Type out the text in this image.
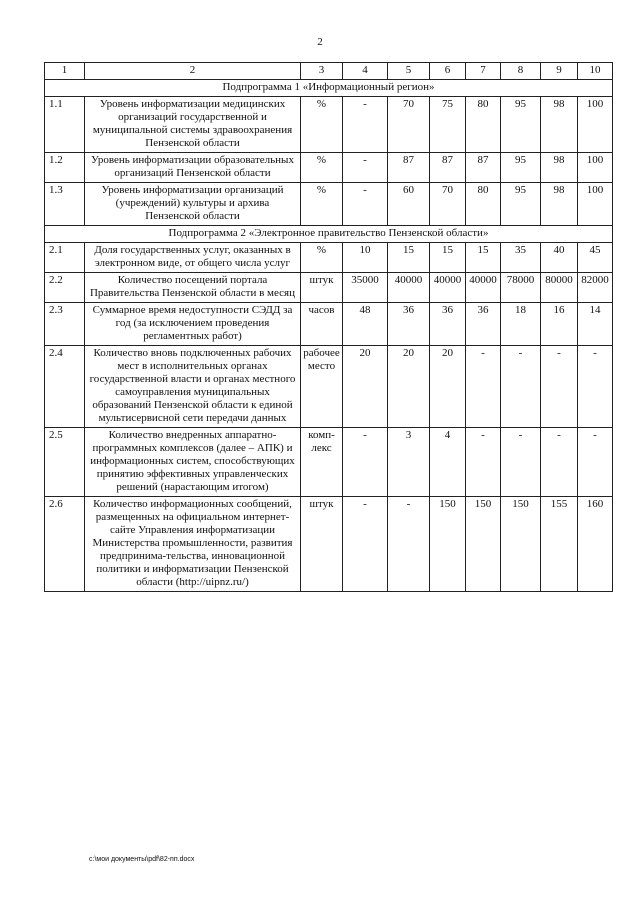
2
1	2	3	4	5	6	7	8	9	10
Подпрограмма 1 «Информационный регион»									
1.1	Уровень информатизации медицинских организаций государственной и муниципальной системы здравоохранения Пензенской области	%	-	70	75	80	95	98	100
1.2	Уровень информатизации образовательных организаций Пензенской области	%	-	87	87	87	95	98	100
1.3	Уровень информатизации организаций (учреждений) культуры и архива Пензенской области	%	-	60	70	80	95	98	100
Подпрограмма 2 «Электронное правительство Пензенской области»									
2.1	Доля государственных услуг, оказанных в электронном виде, от общего числа услуг	%	10	15	15	15	35	40	45
2.2	Количество посещений портала Правительства Пензенской области в месяц	штук	35000	40000	40000	40000	78000	80000	82000
2.3	Суммарное время недоступности СЭДД за год (за исключением проведения регламентных работ)	часов	48	36	36	36	18	16	14
2.4	Количество вновь подключенных рабочих мест в исполнительных органах государственной власти и органах местного самоуправления муниципальных образований Пензенской области к единой мультисервисной сети передачи данных	рабочее место	20	20	20	-	-	-	-
2.5	Количество внедренных аппаратно-программных комплексов (далее – АПК) и информационных систем, способствующих принятию эффективных управленческих решений (нарастающим итогом)	комп-лекс	-	3	4	-	-	-	-
2.6	Количество информационных сообщений, размещенных на официальном интернет-сайте Управления информатизации Министерства промышленности, развития предпринима-тельства, инновационной политики и информатизации Пензенской области (http://uipnz.ru/)	штук	-	-	150	150	150	155	160
c:\мои документы\pdf\82-пп.docx
